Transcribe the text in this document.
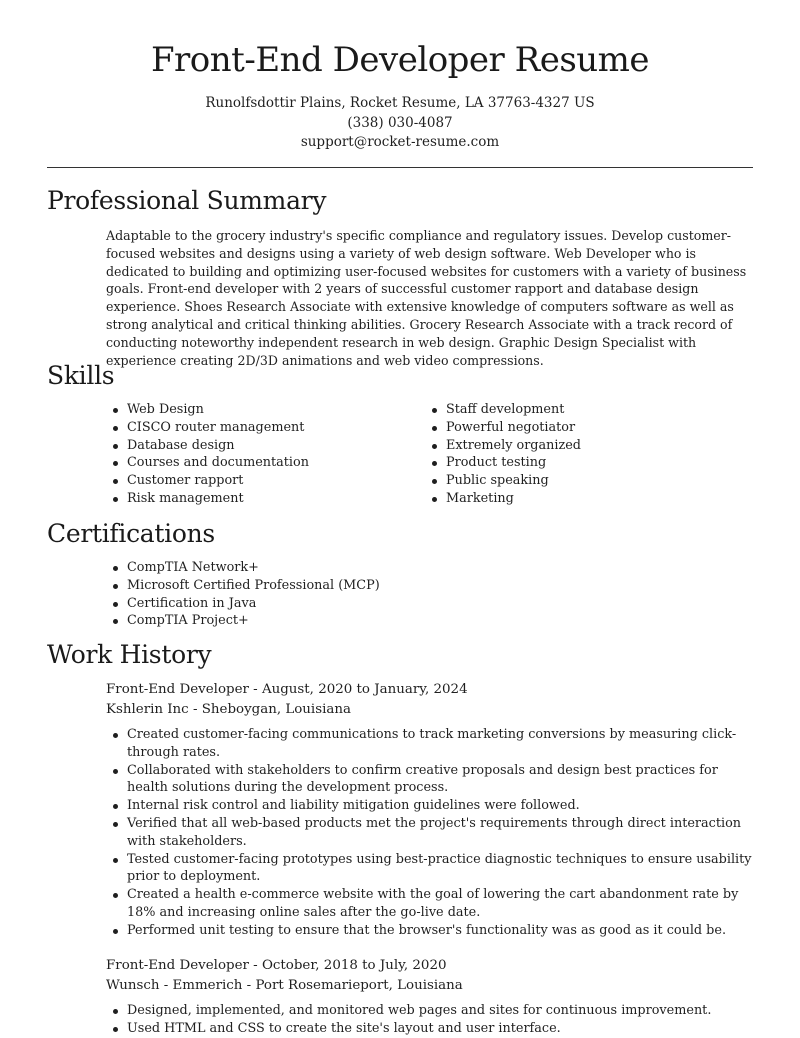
Front-End Developer Resume
Runolfsdottir Plains, Rocket Resume, LA 37763-4327 US
(338) 030-4087
support@rocket-resume.com
Professional Summary

Adaptable to the grocery industry's specific compliance and regulatory issues. Develop customer-focused websites and designs using a variety of web design software. Web Developer who is dedicated to building and optimizing user-focused websites for customers with a variety of business goals. Front-end developer with 2 years of successful customer rapport and database design experience. Shoes Research Associate with extensive knowledge of computers software as well as strong analytical and critical thinking abilities. Grocery Research Associate with a track record of conducting noteworthy independent research in web design. Graphic Design Specialist with experience creating 2D/3D animations and web video compressions.

Skills
Web Design
CISCO router management
Database design
Courses and documentation
Customer rapport
Risk management
Staff development
Powerful negotiator
Extremely organized
Product testing
Public speaking
Marketing
Certifications
CompTIA Network+
Microsoft Certified Professional (MCP)
Certification in Java
CompTIA Project+
Work History
Front-End Developer - August, 2020 to January, 2024
Kshlerin Inc - Sheboygan, Louisiana
Created customer-facing communications to track marketing conversions by measuring click-through rates.
Collaborated with stakeholders to confirm creative proposals and design best practices for health solutions during the development process.
Internal risk control and liability mitigation guidelines were followed.
Verified that all web-based products met the project's requirements through direct interaction with stakeholders.
Tested customer-facing prototypes using best-practice diagnostic techniques to ensure usability prior to deployment.
Created a health e-commerce website with the goal of lowering the cart abandonment rate by 18% and increasing online sales after the go-live date.
Performed unit testing to ensure that the browser's functionality was as good as it could be.
Front-End Developer - October, 2018 to July, 2020
Wunsch - Emmerich - Port Rosemarieport, Louisiana
Designed, implemented, and monitored web pages and sites for continuous improvement.
Used HTML and CSS to create the site's layout and user interface.
